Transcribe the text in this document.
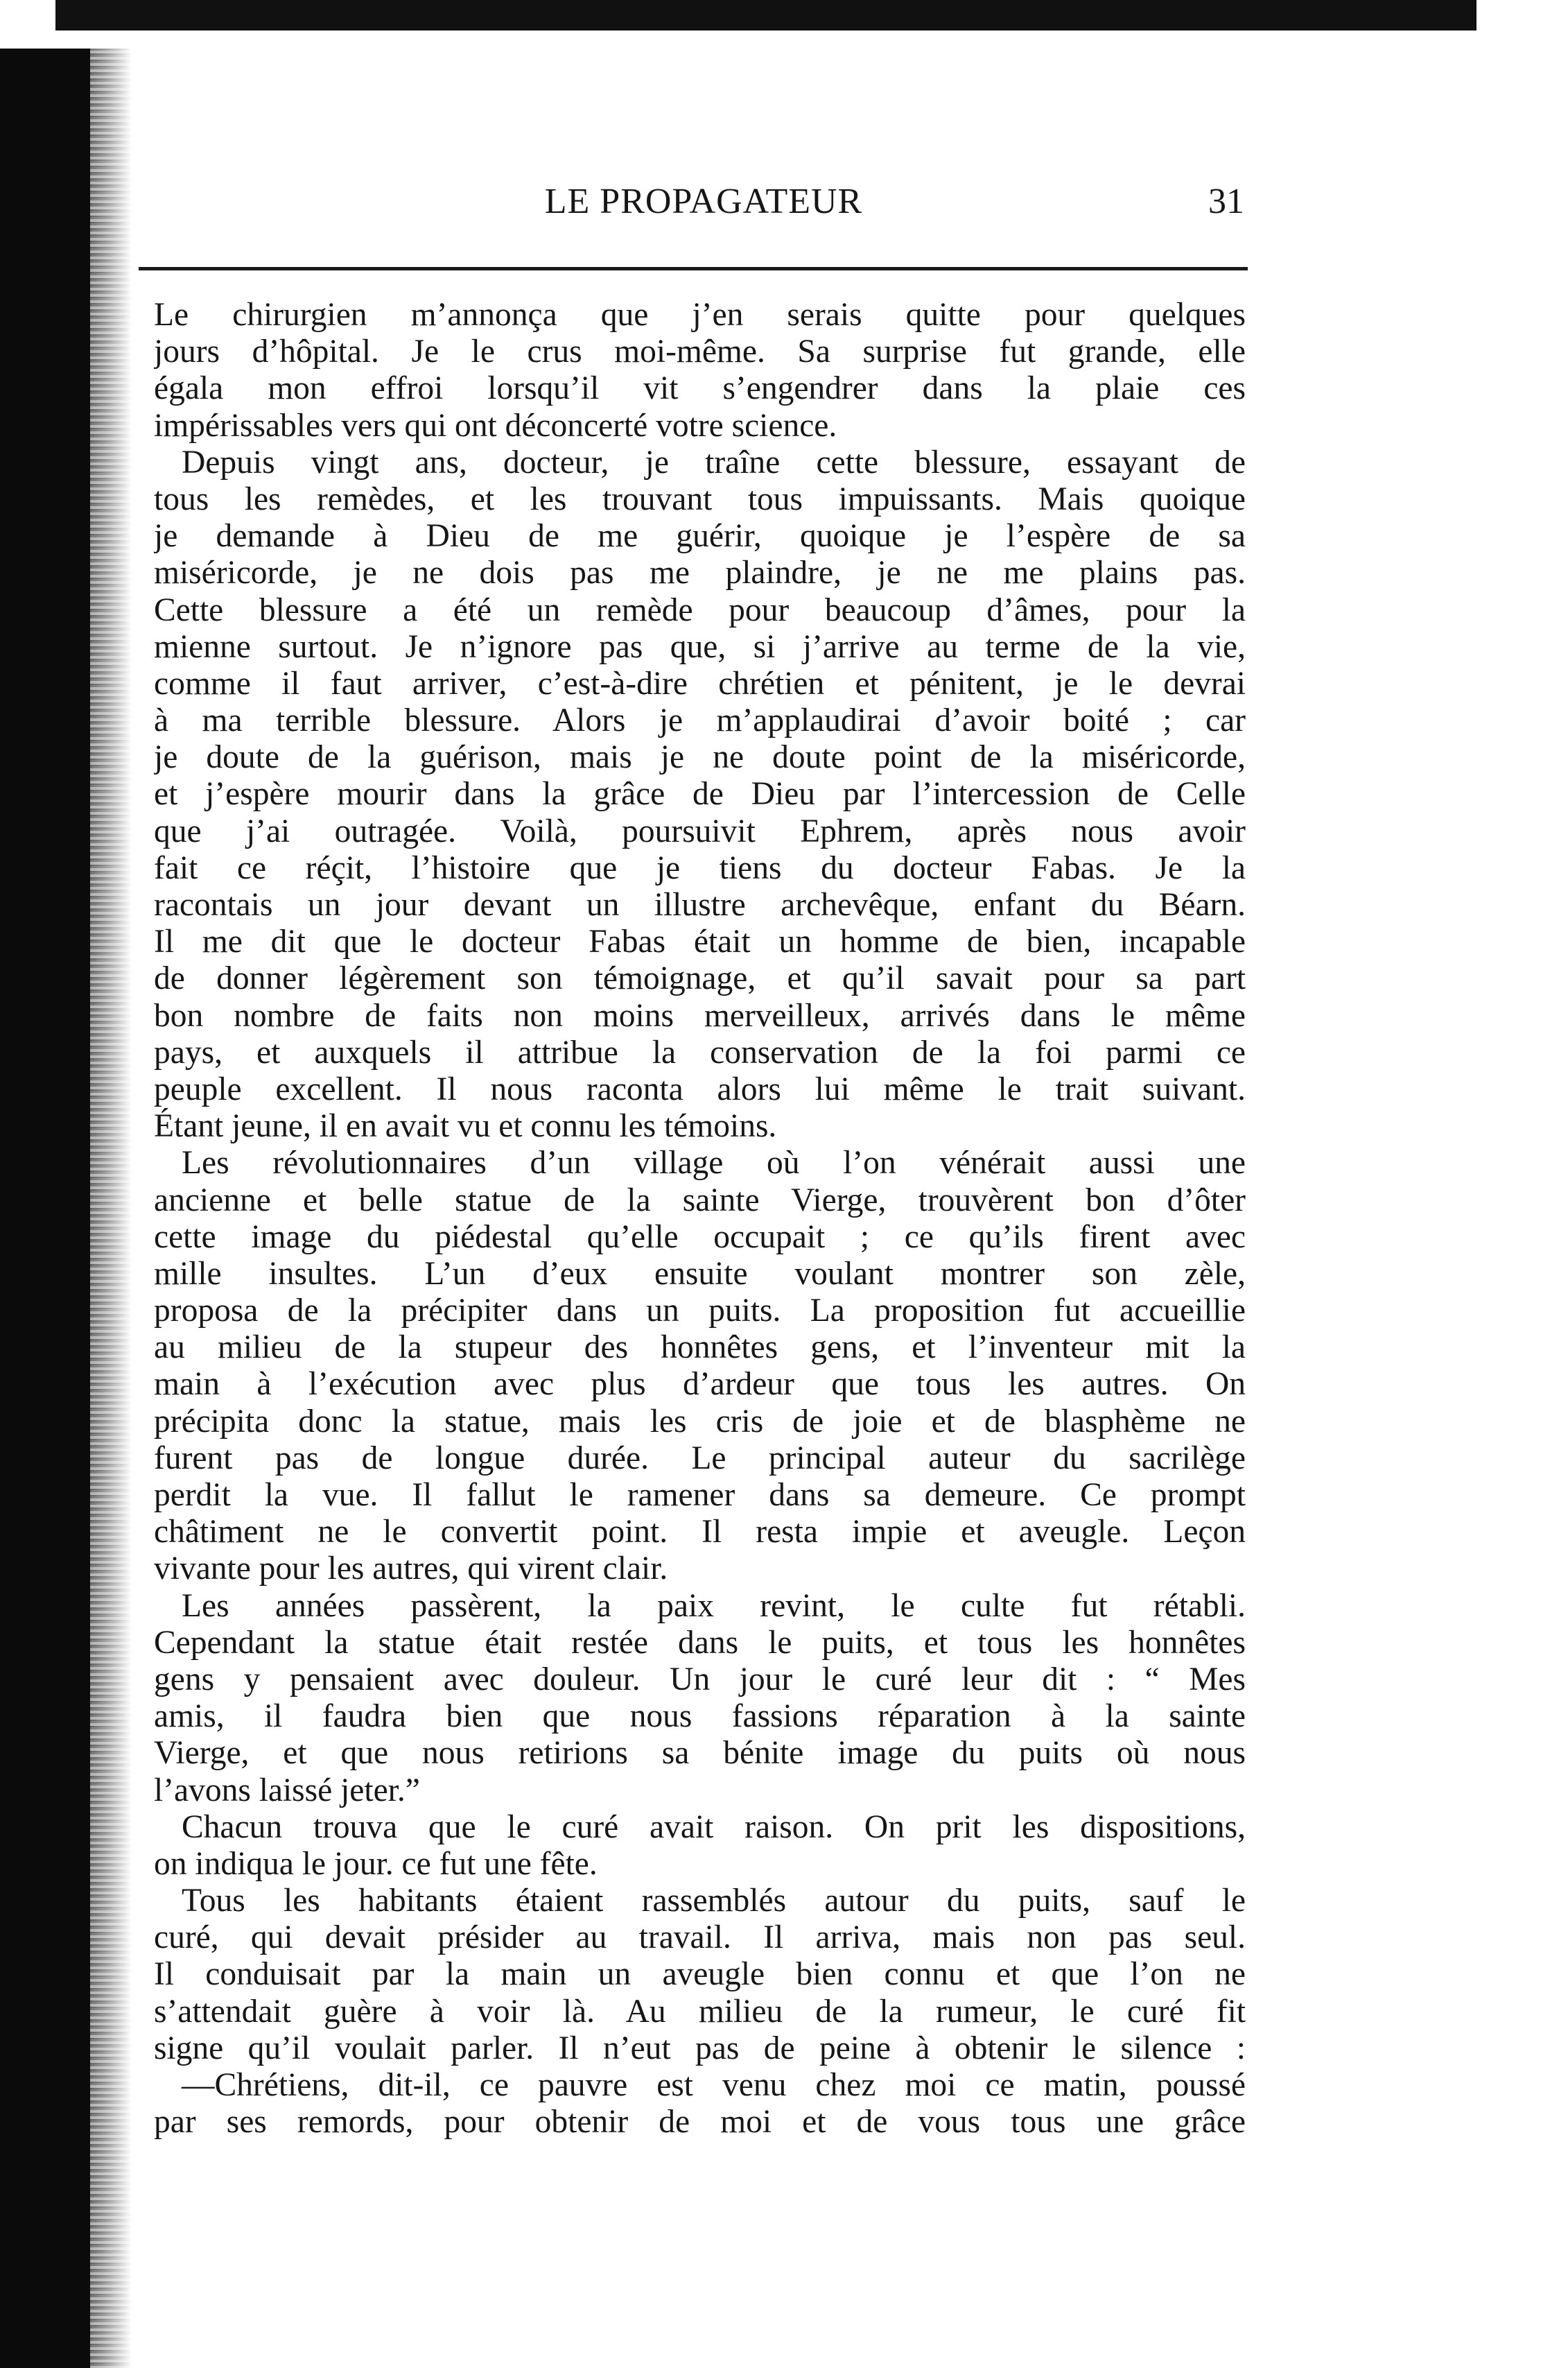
LE PROPAGATEUR	31
Le chirurgien m’annonça que j’en serais quitte pour quelques
jours d’hôpital. Je le crus moi-même. Sa surprise fut grande, elle
égala mon effroi lorsqu’il vit s’engendrer dans la plaie ces
impérissables vers qui ont déconcerté votre science.
Depuis vingt ans, docteur, je traîne cette blessure, essayant de
tous les remèdes, et les trouvant tous impuissants. Mais quoique
je demande à Dieu de me guérir, quoique je l’espère de sa
miséricorde, je ne dois pas me plaindre, je ne me plains pas.
Cette blessure a été un remède pour beaucoup d’âmes, pour la
mienne surtout. Je n’ignore pas que, si j’arrive au terme de la vie,
comme il faut arriver, c’est-à-dire chrétien et pénitent, je le devrai
à ma terrible blessure. Alors je m’applaudirai d’avoir boité ; car
je doute de la guérison, mais je ne doute point de la miséricorde,
et j’espère mourir dans la grâce de Dieu par l’intercession de Celle
que j’ai outragée. Voilà, poursuivit Ephrem, après nous avoir
fait ce réçit, l’histoire que je tiens du docteur Fabas. Je la
racontais un jour devant un illustre archevêque, enfant du Béarn.
Il me dit que le docteur Fabas était un homme de bien, incapable
de donner légèrement son témoignage, et qu’il savait pour sa part
bon nombre de faits non moins merveilleux, arrivés dans le même
pays, et auxquels il attribue la conservation de la foi parmi ce
peuple excellent. Il nous raconta alors lui même le trait suivant.
Étant jeune, il en avait vu et connu les témoins.
Les révolutionnaires d’un village où l’on vénérait aussi une
ancienne et belle statue de la sainte Vierge, trouvèrent bon d’ôter
cette image du piédestal qu’elle occupait ; ce qu’ils firent avec
mille insultes. L’un d’eux ensuite voulant montrer son zèle,
proposa de la précipiter dans un puits. La proposition fut accueillie
au milieu de la stupeur des honnêtes gens, et l’inventeur mit la
main à l’exécution avec plus d’ardeur que tous les autres. On
précipita donc la statue, mais les cris de joie et de blasphème ne
furent pas de longue durée. Le principal auteur du sacrilège
perdit la vue. Il fallut le ramener dans sa demeure. Ce prompt
châtiment ne le convertit point. Il resta impie et aveugle. Leçon
vivante pour les autres, qui virent clair.
Les années passèrent, la paix revint, le culte fut rétabli.
Cependant la statue était restée dans le puits, et tous les honnêtes
gens y pensaient avec douleur. Un jour le curé leur dit : “ Mes
amis, il faudra bien que nous fassions réparation à la sainte
Vierge, et que nous retirions sa bénite image du puits où nous
l’avons laissé jeter.”
Chacun trouva que le curé avait raison. On prit les dispositions,
on indiqua le jour. ce fut une fête.
Tous les habitants étaient rassemblés autour du puits, sauf le
curé, qui devait présider au travail. Il arriva, mais non pas seul.
Il conduisait par la main un aveugle bien connu et que l’on ne
s’attendait guère à voir là. Au milieu de la rumeur, le curé fit
signe qu’il voulait parler. Il n’eut pas de peine à obtenir le silence :
—Chrétiens, dit-il, ce pauvre est venu chez moi ce matin, poussé
par ses remords, pour obtenir de moi et de vous tous une grâce
